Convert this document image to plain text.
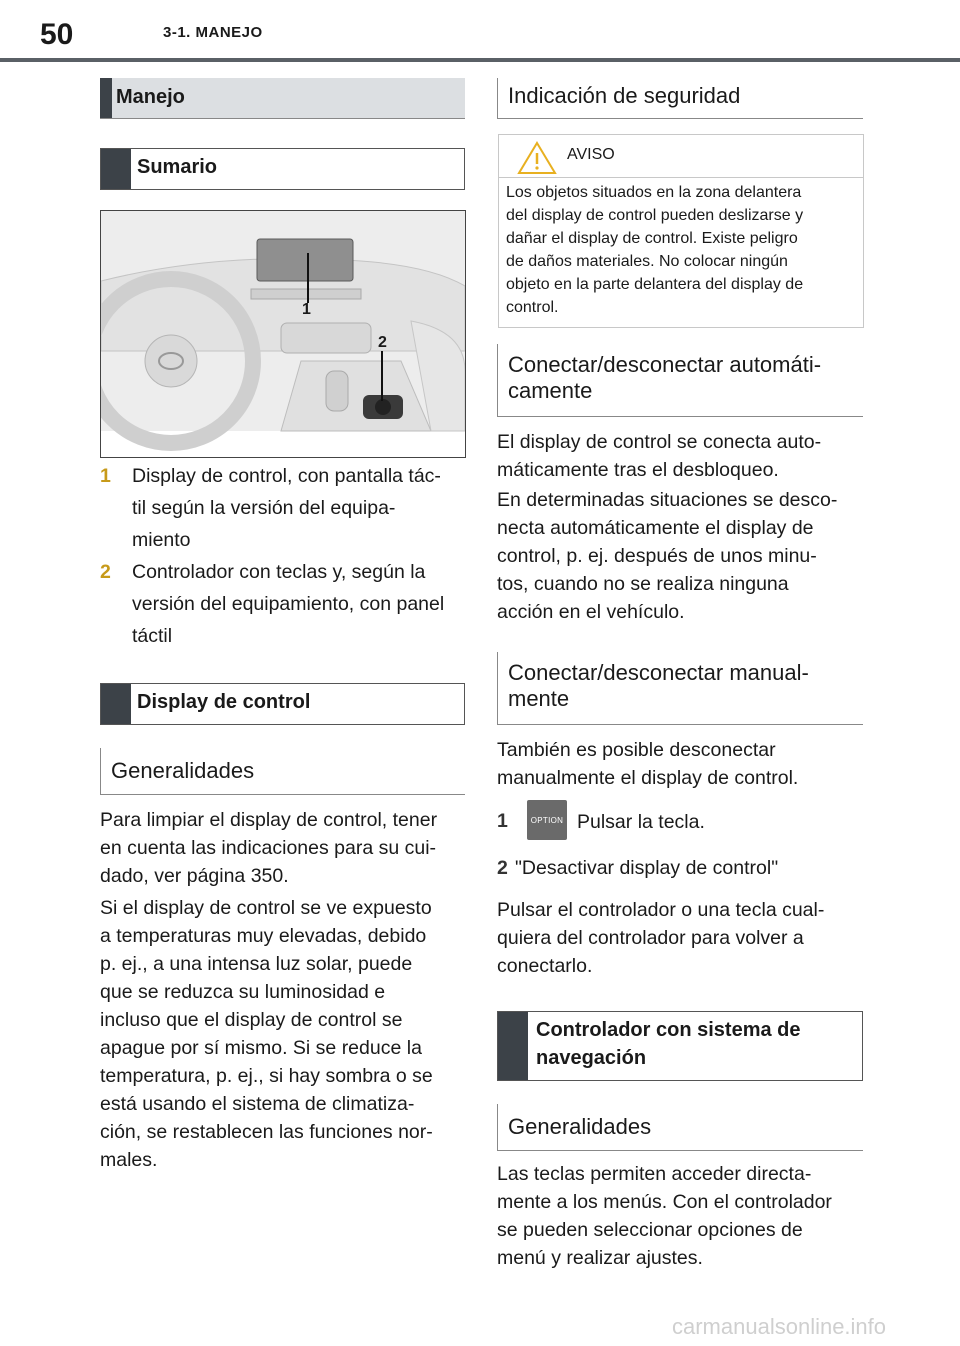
50	3-1. MANEJO
Manejo
Sumario
1
2
1 Display de control, con pantalla tác-
til según la versión del equipa-
miento
2 Controlador con teclas y, según la
versión del equipamiento, con panel
táctil
Display de control
Generalidades
Para limpiar el display de control, tener
en cuenta las indicaciones para su cui-
dado, ver página 350.
Si el display de control se ve expuesto
a temperaturas muy elevadas, debido
p. ej., a una intensa luz solar, puede
que se reduzca su luminosidad e
incluso que el display de control se
apague por sí mismo. Si se reduce la
temperatura, p. ej., si hay sombra o se
está usando el sistema de climatiza-
ción, se restablecen las funciones nor-
males.
Indicación de seguridad
AVISO
Los objetos situados en la zona delantera
del display de control pueden deslizarse y
dañar el display de control. Existe peligro
de daños materiales. No colocar ningún
objeto en la parte delantera del display de
control.
Conectar/desconectar automáti-
camente
El display de control se conecta auto-
máticamente tras el desbloqueo.
En determinadas situaciones se desco-
necta automáticamente el display de
control, p. ej. después de unos minu-
tos, cuando no se realiza ninguna
acción en el vehículo.
Conectar/desconectar manual-
mente
También es posible desconectar
manualmente el display de control.
1	OPTION Pulsar la tecla.
2 "Desactivar display de control"
Pulsar el controlador o una tecla cual-
quiera del controlador para volver a
conectarlo.
Controlador con sistema de
navegación
Generalidades
Las teclas permiten acceder directa-
mente a los menús. Con el controlador
se pueden seleccionar opciones de
menú y realizar ajustes.
carmanualsonline.info
